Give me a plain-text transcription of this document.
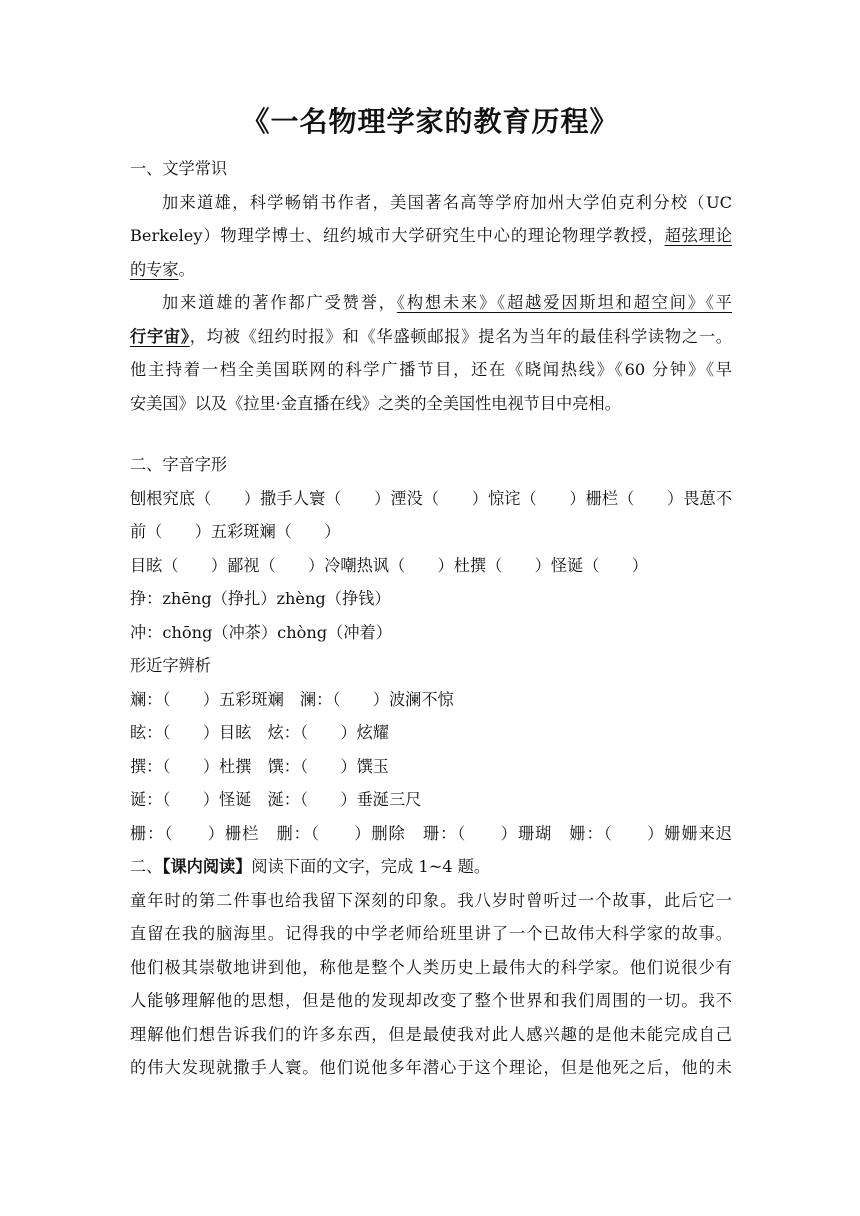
《一名物理学家的教育历程》
一、文学常识
加来道雄，科学畅销书作者，美国著名高等学府加州大学伯克利分校（UC
Berkeley）物理学博士、纽约城市大学研究生中心的理论物理学教授，超弦理论
的专家。
加来道雄的著作都广受赞誉，《构想未来》《超越爱因斯坦和超空间》《平
行宇宙》，均被《纽约时报》和《华盛顿邮报》提名为当年的最佳科学读物之一。
他主持着一档全美国联网的科学广播节目，还在《晓闻热线》《60 分钟》《早
安美国》以及《拉里·金直播在线》之类的全美国性电视节目中亮相。
二、字音字形
刨根究底（　　）撒手人寰（　　）湮没（　　）惊诧（　　）栅栏（　　）畏葸不
前（　　）五彩斑斓（　　）
目眩（　　）鄙视（　　）冷嘲热讽（　　）杜撰（　　）怪诞（　　）
挣：zhēng（挣扎）zhèng（挣钱）
冲：chōng（冲茶）chòng（冲着）
形近字辨析
斓：（　　）五彩斑斓　澜：（　　）波澜不惊
眩：（　　）目眩　炫：（　　）炫耀
撰：（　　）杜撰　馔：（　　）馔玉
诞：（　　）怪诞　涎：（　　）垂涎三尺
栅：（　　）栅栏　删：（　　）删除　珊：（　　）珊瑚　姗：（　　）姗姗来迟
二、【课内阅读】阅读下面的文字，完成 1~4 题。
童年时的第二件事也给我留下深刻的印象。我八岁时曾听过一个故事，此后它一
直留在我的脑海里。记得我的中学老师给班里讲了一个已故伟大科学家的故事。
他们极其崇敬地讲到他，称他是整个人类历史上最伟大的科学家。他们说很少有
人能够理解他的思想，但是他的发现却改变了整个世界和我们周围的一切。我不
理解他们想告诉我们的许多东西，但是最使我对此人感兴趣的是他未能完成自己
的伟大发现就撒手人寰。他们说他多年潜心于这个理论，但是他死之后，他的未
